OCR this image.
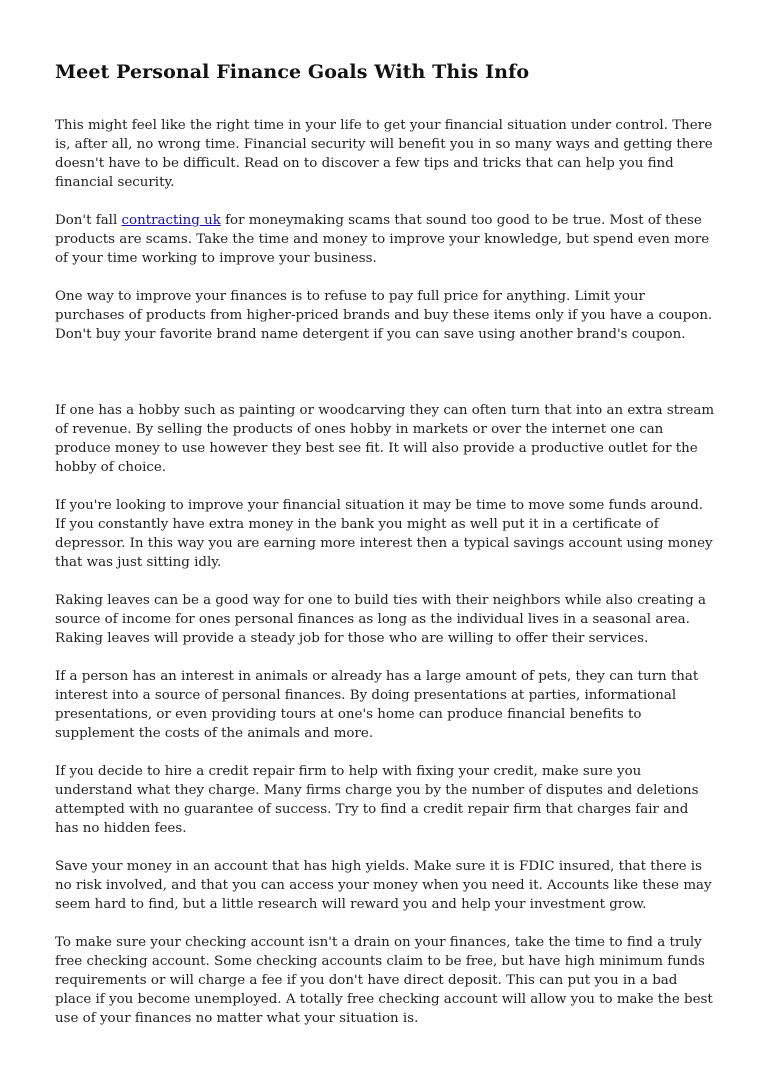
Meet Personal Finance Goals With This Info

This might feel like the right time in your life to get your financial situation under control. There is, after all, no wrong time. Financial security will benefit you in so many ways and getting there doesn't have to be difficult. Read on to discover a few tips and tricks that can help you find financial security.

Don't fall contracting uk for moneymaking scams that sound too good to be true. Most of these products are scams. Take the time and money to improve your knowledge, but spend even more of your time working to improve your business.

One way to improve your finances is to refuse to pay full price for anything. Limit your purchases of products from higher-priced brands and buy these items only if you have a coupon. Don't buy your favorite brand name detergent if you can save using another brand's coupon.

If one has a hobby such as painting or woodcarving they can often turn that into an extra stream of revenue. By selling the products of ones hobby in markets or over the internet one can produce money to use however they best see fit. It will also provide a productive outlet for the hobby of choice.

If you're looking to improve your financial situation it may be time to move some funds around. If you constantly have extra money in the bank you might as well put it in a certificate of depressor. In this way you are earning more interest then a typical savings account using money that was just sitting idly.

Raking leaves can be a good way for one to build ties with their neighbors while also creating a source of income for ones personal finances as long as the individual lives in a seasonal area. Raking leaves will provide a steady job for those who are willing to offer their services.

If a person has an interest in animals or already has a large amount of pets, they can turn that interest into a source of personal finances. By doing presentations at parties, informational presentations, or even providing tours at one's home can produce financial benefits to supplement the costs of the animals and more.

If you decide to hire a credit repair firm to help with fixing your credit, make sure you understand what they charge. Many firms charge you by the number of disputes and deletions attempted with no guarantee of success. Try to find a credit repair firm that charges fair and has no hidden fees.

Save your money in an account that has high yields. Make sure it is FDIC insured, that there is no risk involved, and that you can access your money when you need it. Accounts like these may seem hard to find, but a little research will reward you and help your investment grow.

To make sure your checking account isn't a drain on your finances, take the time to find a truly free checking account. Some checking accounts claim to be free, but have high minimum funds requirements or will charge a fee if you don't have direct deposit. This can put you in a bad place if you become unemployed. A totally free checking account will allow you to make the best use of your finances no matter what your situation is.
